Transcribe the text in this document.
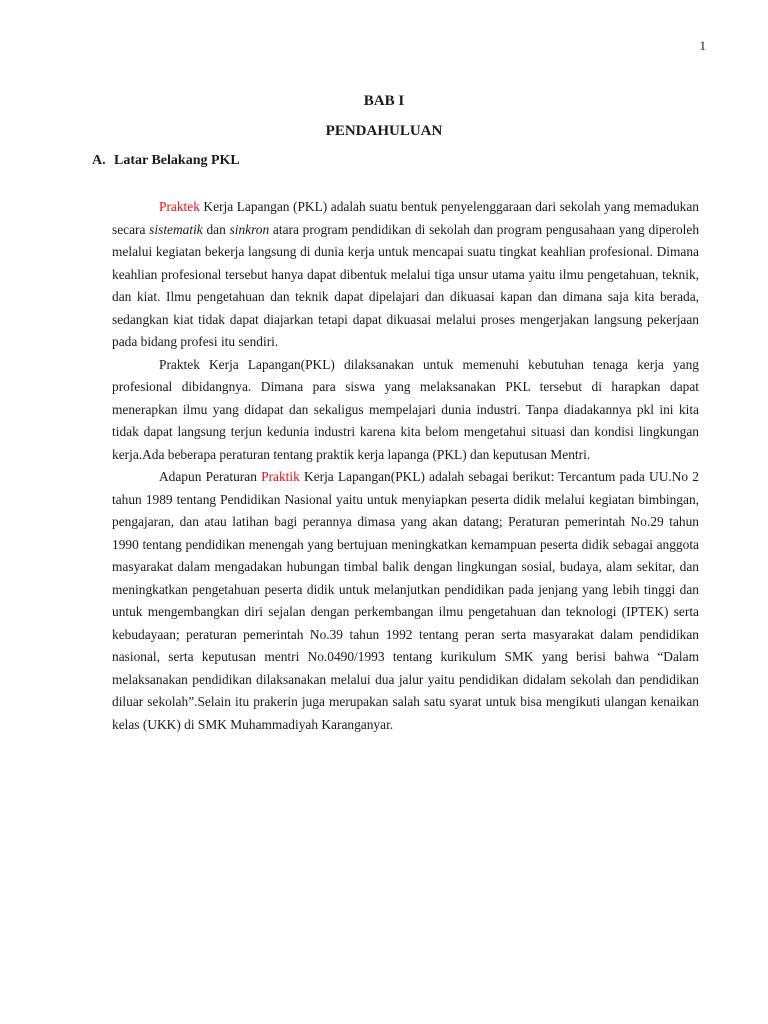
1
BAB I
PENDAHULUAN
A. Latar Belakang PKL

Praktek Kerja Lapangan (PKL) adalah suatu bentuk penyelenggaraan dari sekolah yang memadukan secara sistematik dan sinkron atara program pendidikan di sekolah dan program pengusahaan yang diperoleh melalui kegiatan bekerja langsung di dunia kerja untuk mencapai suatu tingkat keahlian profesional. Dimana keahlian profesional tersebut hanya dapat dibentuk melalui tiga unsur utama yaitu ilmu pengetahuan, teknik, dan kiat. Ilmu pengetahuan dan teknik dapat dipelajari dan dikuasai kapan dan dimana saja kita berada, sedangkan kiat tidak dapat diajarkan tetapi dapat dikuasai melalui proses mengerjakan langsung pekerjaan pada bidang profesi itu sendiri.

Praktek Kerja Lapangan(PKL) dilaksanakan untuk memenuhi kebutuhan tenaga kerja yang profesional dibidangnya. Dimana para siswa yang melaksanakan PKL tersebut di harapkan dapat menerapkan ilmu yang didapat dan sekaligus mempelajari dunia industri. Tanpa diadakannya pkl ini kita tidak dapat langsung terjun kedunia industri karena kita belom mengetahui situasi dan kondisi lingkungan kerja.Ada beberapa peraturan tentang praktik kerja lapanga (PKL) dan keputusan Mentri.

Adapun Peraturan Praktik Kerja Lapangan(PKL) adalah sebagai berikut: Tercantum pada UU.No 2 tahun 1989 tentang Pendidikan Nasional yaitu untuk menyiapkan peserta didik melalui kegiatan bimbingan, pengajaran, dan atau latihan bagi perannya dimasa yang akan datang; Peraturan pemerintah No.29 tahun 1990 tentang pendidikan menengah yang bertujuan meningkatkan kemampuan peserta didik sebagai anggota masyarakat dalam mengadakan hubungan timbal balik dengan lingkungan sosial, budaya, alam sekitar, dan meningkatkan pengetahuan peserta didik untuk melanjutkan pendidikan pada jenjang yang lebih tinggi dan untuk mengembangkan diri sejalan dengan perkembangan ilmu pengetahuan dan teknologi (IPTEK) serta kebudayaan; peraturan pemerintah No.39 tahun 1992 tentang peran serta masyarakat dalam pendidikan nasional, serta keputusan mentri No.0490/1993 tentang kurikulum SMK yang berisi bahwa “Dalam melaksanakan pendidikan dilaksanakan melalui dua jalur yaitu pendidikan didalam sekolah dan pendidikan diluar sekolah”.Selain itu prakerin juga merupakan salah satu syarat untuk bisa mengikuti ulangan kenaikan kelas (UKK) di SMK Muhammadiyah Karanganyar.
